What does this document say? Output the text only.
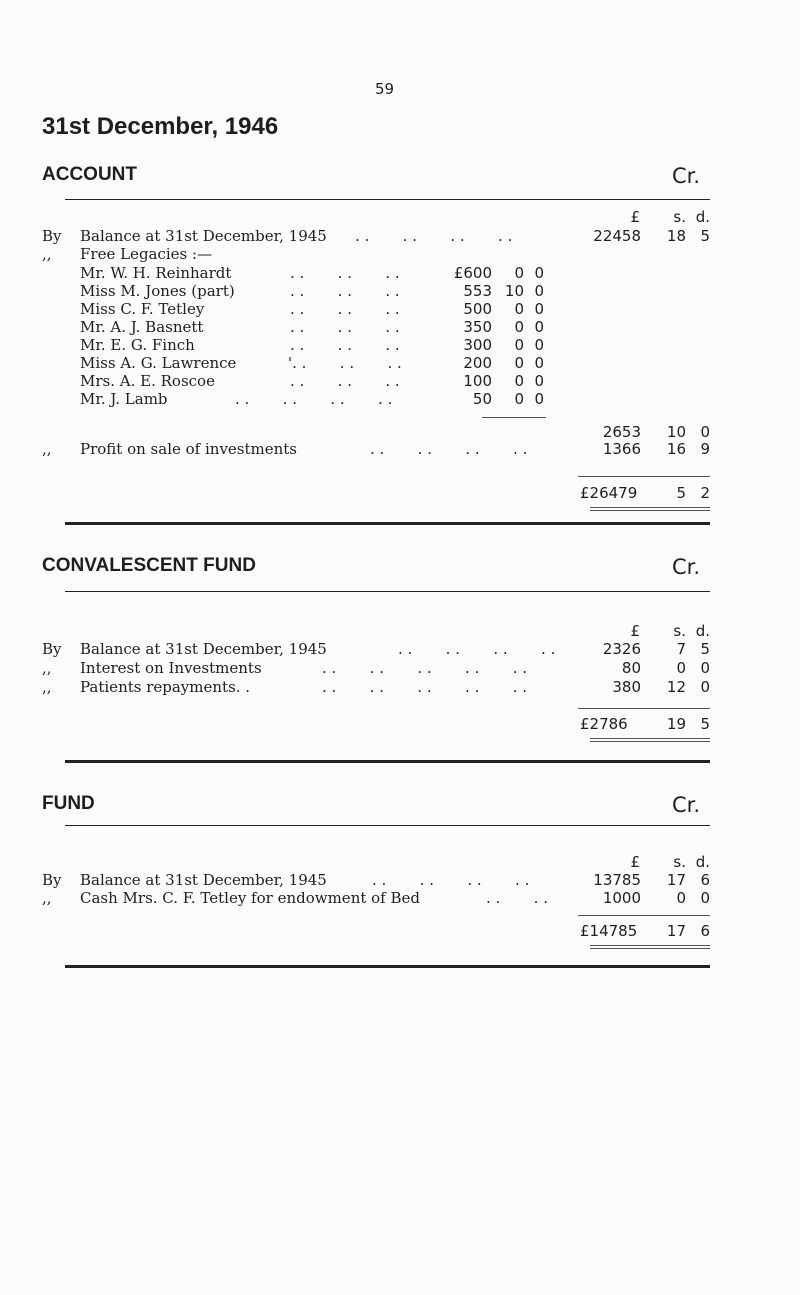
59
31st December, 1946
ACCOUNT	Cr.
£	s. d.
By Balance at 31st December, 1945 . .       . .       . .       . .	22458	18 5
,, Free Legacies :—
Mr. W. H. Reinhardt	. .       . .       . .	£600	0 0
Miss M. Jones (part)	. .       . .       . .	553 10 0
Miss C. F. Tetley	. .       . .       . .	500	0 0
Mr. A. J. Basnett	. .       . .       . .	350	0 0
Mr. E. G. Finch	. .       . .       . .	300	0 0
Miss A. G. Lawrence	'. .       . .       . .	200	0 0
Mrs. A. E. Roscoe	. .       . .       . .	100	0 0
Mr. J. Lamb	. .       . .       . .       . .	50	0 0
2653	10 0
,, Profit on sale of investments	. .       . .       . .       . .	1366	16 9
£26479	5 2
CONVALESCENT FUND	Cr.
£	s. d.
By Balance at 31st December, 1945	. .       . .       . .       . .	2326	7 5
,, Interest on Investments	. .       . .       . .       . .       . .	80	0 0
,, Patients repayments. .	. .       . .       . .       . .       . .	380	12 0
£2786	19 5
FUND	Cr.
£	s. d.
By Balance at 31st December, 1945	. .       . .       . .       . .	13785	17 6
,, Cash Mrs. C. F. Tetley for endowment of Bed	. .       . .	1000	0 0
£14785	17 6
